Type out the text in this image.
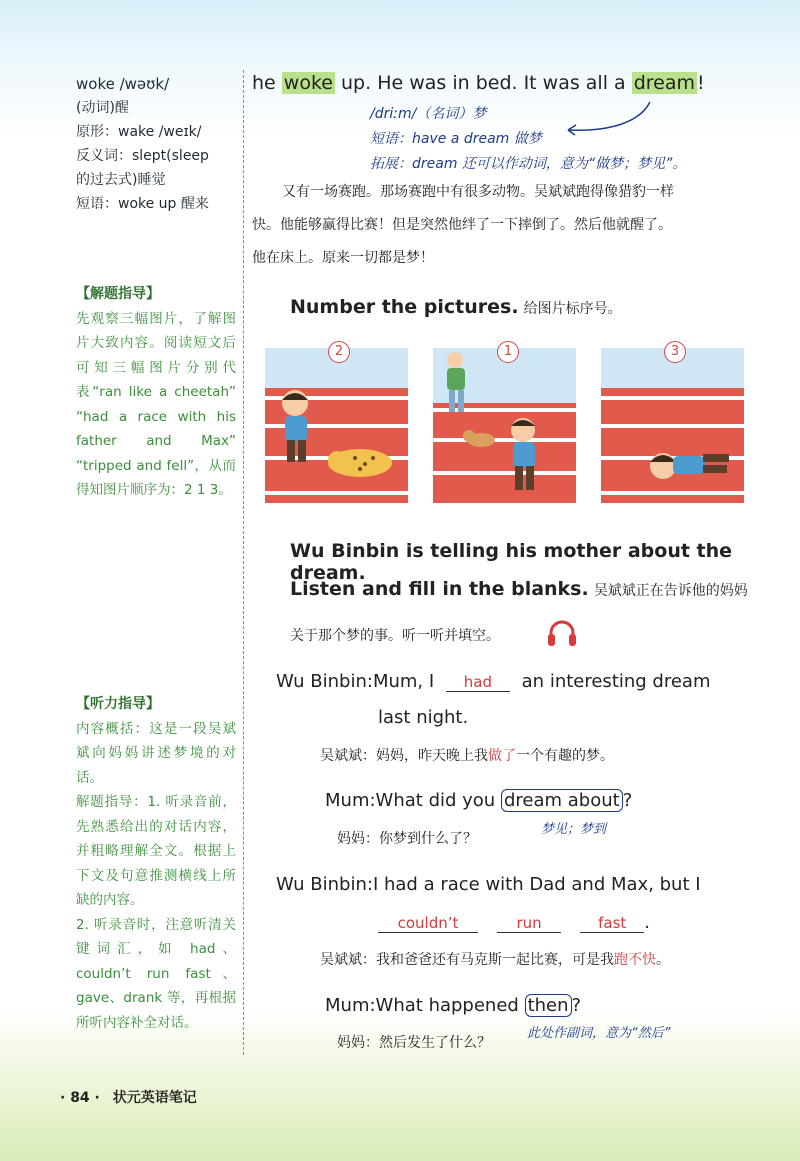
woke /wəʊk/
(动词)醒
原形：wake /weɪk/
反义词：slept(sleep
的过去式)睡觉
短语：woke up 醒来
【解题指导】
先观察三幅图片，了解图片大致内容。阅读短文后可知三幅图片分别代表“ran like a cheetah” “had a race with his father and Max” “tripped and fell”，从而得知图片顺序为：2 1 3。
【听力指导】
内容概括：这是一段吴斌斌向妈妈讲述梦境的对话。
解题指导：1. 听录音前，先熟悉给出的对话内容，并粗略理解全文。根据上下文及句意推测横线上所缺的内容。
2. 听录音时，注意听清关键词汇，如 had、couldn’t run fast、gave、drank 等，再根据所听内容补全对话。
he woke up. He was in bed. It was all a dream !
/driːm/（名词）梦
短语：have a dream 做梦
拓展：dream 还可以作动词，意为“做梦；梦见”。
又有一场赛跑。那场赛跑中有很多动物。吴斌斌跑得像猎豹一样
快。他能够赢得比赛！但是突然他绊了一下摔倒了。然后他就醒了。
他在床上。原来一切都是梦！
Number the pictures. 给图片标序号。
2	1	3
Wu Binbin is telling his mother about the dream.
Listen and fill in the blanks. 吴斌斌正在告诉他的妈妈
关于那个梦的事。听一听并填空。
Wu Binbin:Mum, I had an interesting dream
last night.
吴斌斌：妈妈，昨天晚上我做了一个有趣的梦。
Mum:What did you dream about ?
梦见；梦到
妈妈：你梦到什么了？
Wu Binbin:I had a race with Dad and Max, but I
couldn’t	run	fast .
吴斌斌：我和爸爸还有马克斯一起比赛，可是我跑不快。
Mum:What happened then ?
此处作副词，意为“然后”
妈妈：然后发生了什么？
· 84 · 状元英语笔记
